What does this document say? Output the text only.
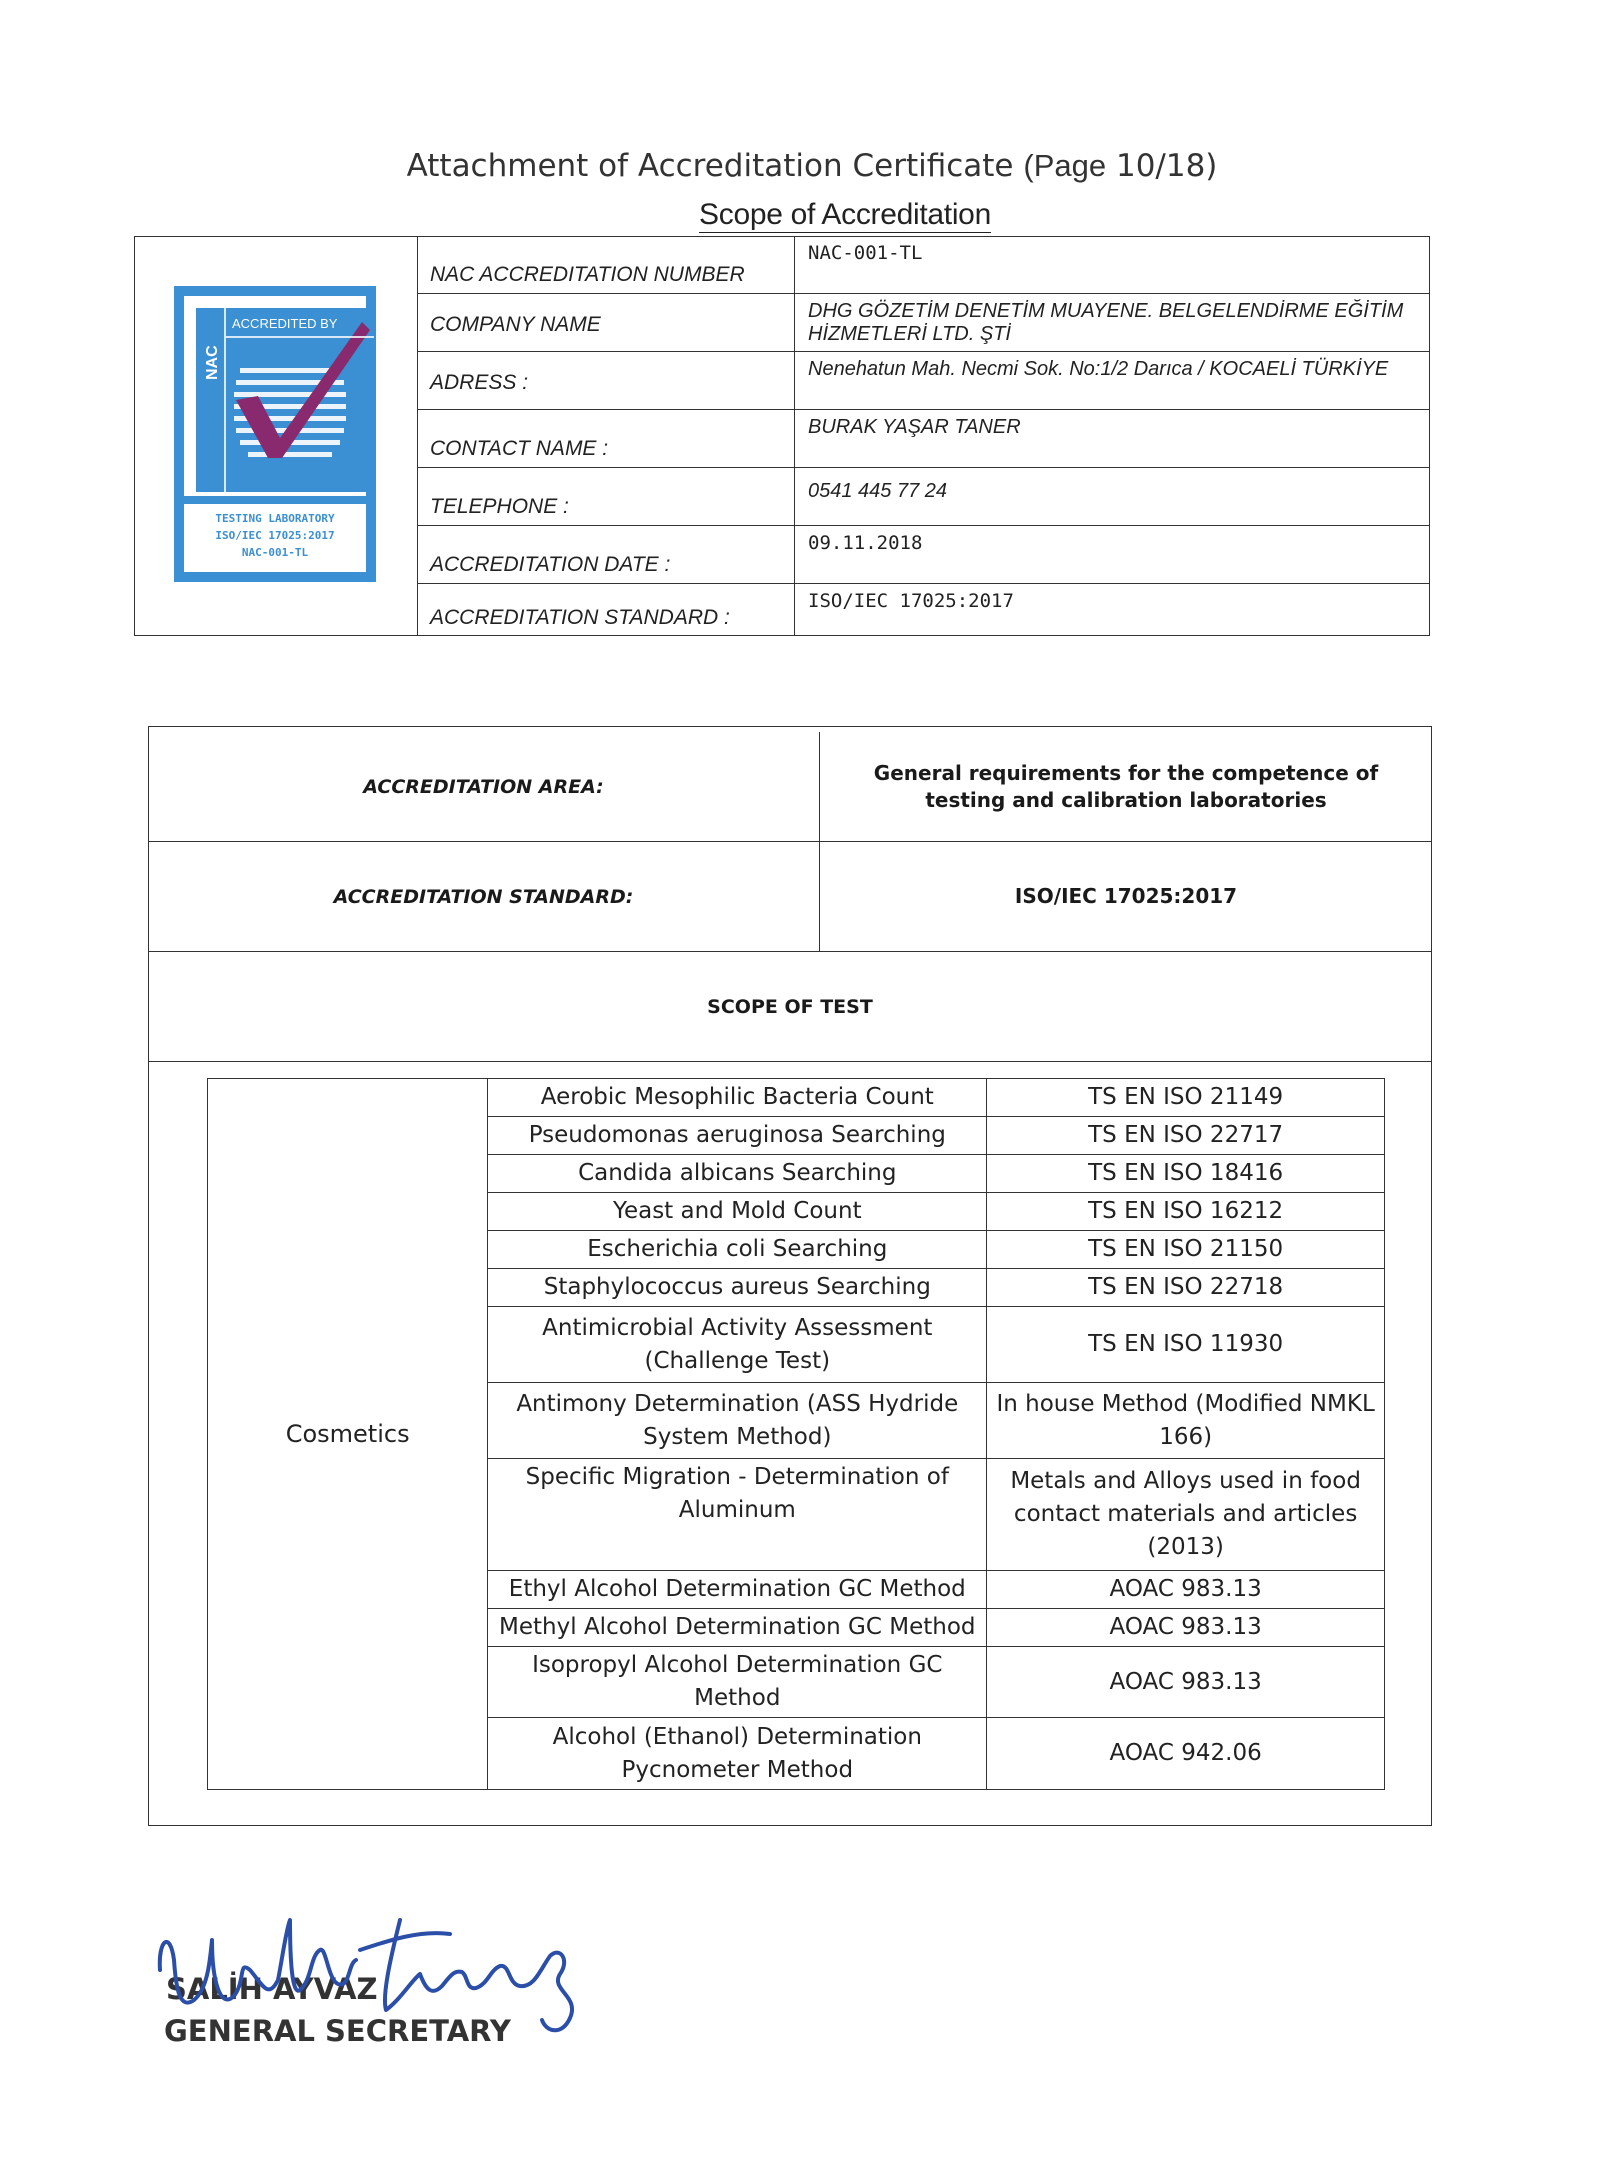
Attachment of Accreditation Certificate (Page 10/18)
Scope of Accreditation
ACCREDITED BY
NAC
TESTING LABORATORY
ISO/IEC 17025:2017
NAC-001-TL
NAC ACCREDITATION NUMBER
NAC-001-TL
COMPANY NAME
DHG GÖZETİM DENETİM MUAYENE. BELGELENDİRME EĞİTİM HİZMETLERİ LTD. ŞTİ
ADRESS :
Nenehatun Mah. Necmi Sok. No:1/2 Darıca / KOCAELİ TÜRKİYE
CONTACT NAME :
BURAK YAŞAR TANER
TELEPHONE :
0541 445 77 24
ACCREDITATION DATE :
09.11.2018
ACCREDITATION STANDARD :
ISO/IEC 17025:2017
ACCREDITATION AREA:
General requirements for the competence of testing and calibration laboratories
ACCREDITATION STANDARD:	ISO/IEC 17025:2017
SCOPE OF TEST
Cosmetics	Aerobic Mesophilic Bacteria Count	TS EN ISO 21149
	Pseudomonas aeruginosa Searching	TS EN ISO 22717
	Candida albicans Searching	TS EN ISO 18416
	Yeast and Mold Count	TS EN ISO 16212
	Escherichia coli Searching	TS EN ISO 21150
	Staphylococcus aureus Searching	TS EN ISO 22718
	Antimicrobial Activity Assessment (Challenge Test)	TS EN ISO 11930
	Antimony Determination (ASS Hydride System Method)	In house Method (Modified NMKL 166)
	Specific Migration - Determination of Aluminum	Metals and Alloys used in food contact materials and articles (2013)
	Ethyl Alcohol Determination GC Method	AOAC 983.13
	Methyl Alcohol Determination GC Method	AOAC 983.13
	Isopropyl Alcohol Determination GC Method	AOAC 983.13
	Alcohol (Ethanol) Determination Pycnometer Method	AOAC 942.06
SALİH AYVAZ
GENERAL SECRETARY
